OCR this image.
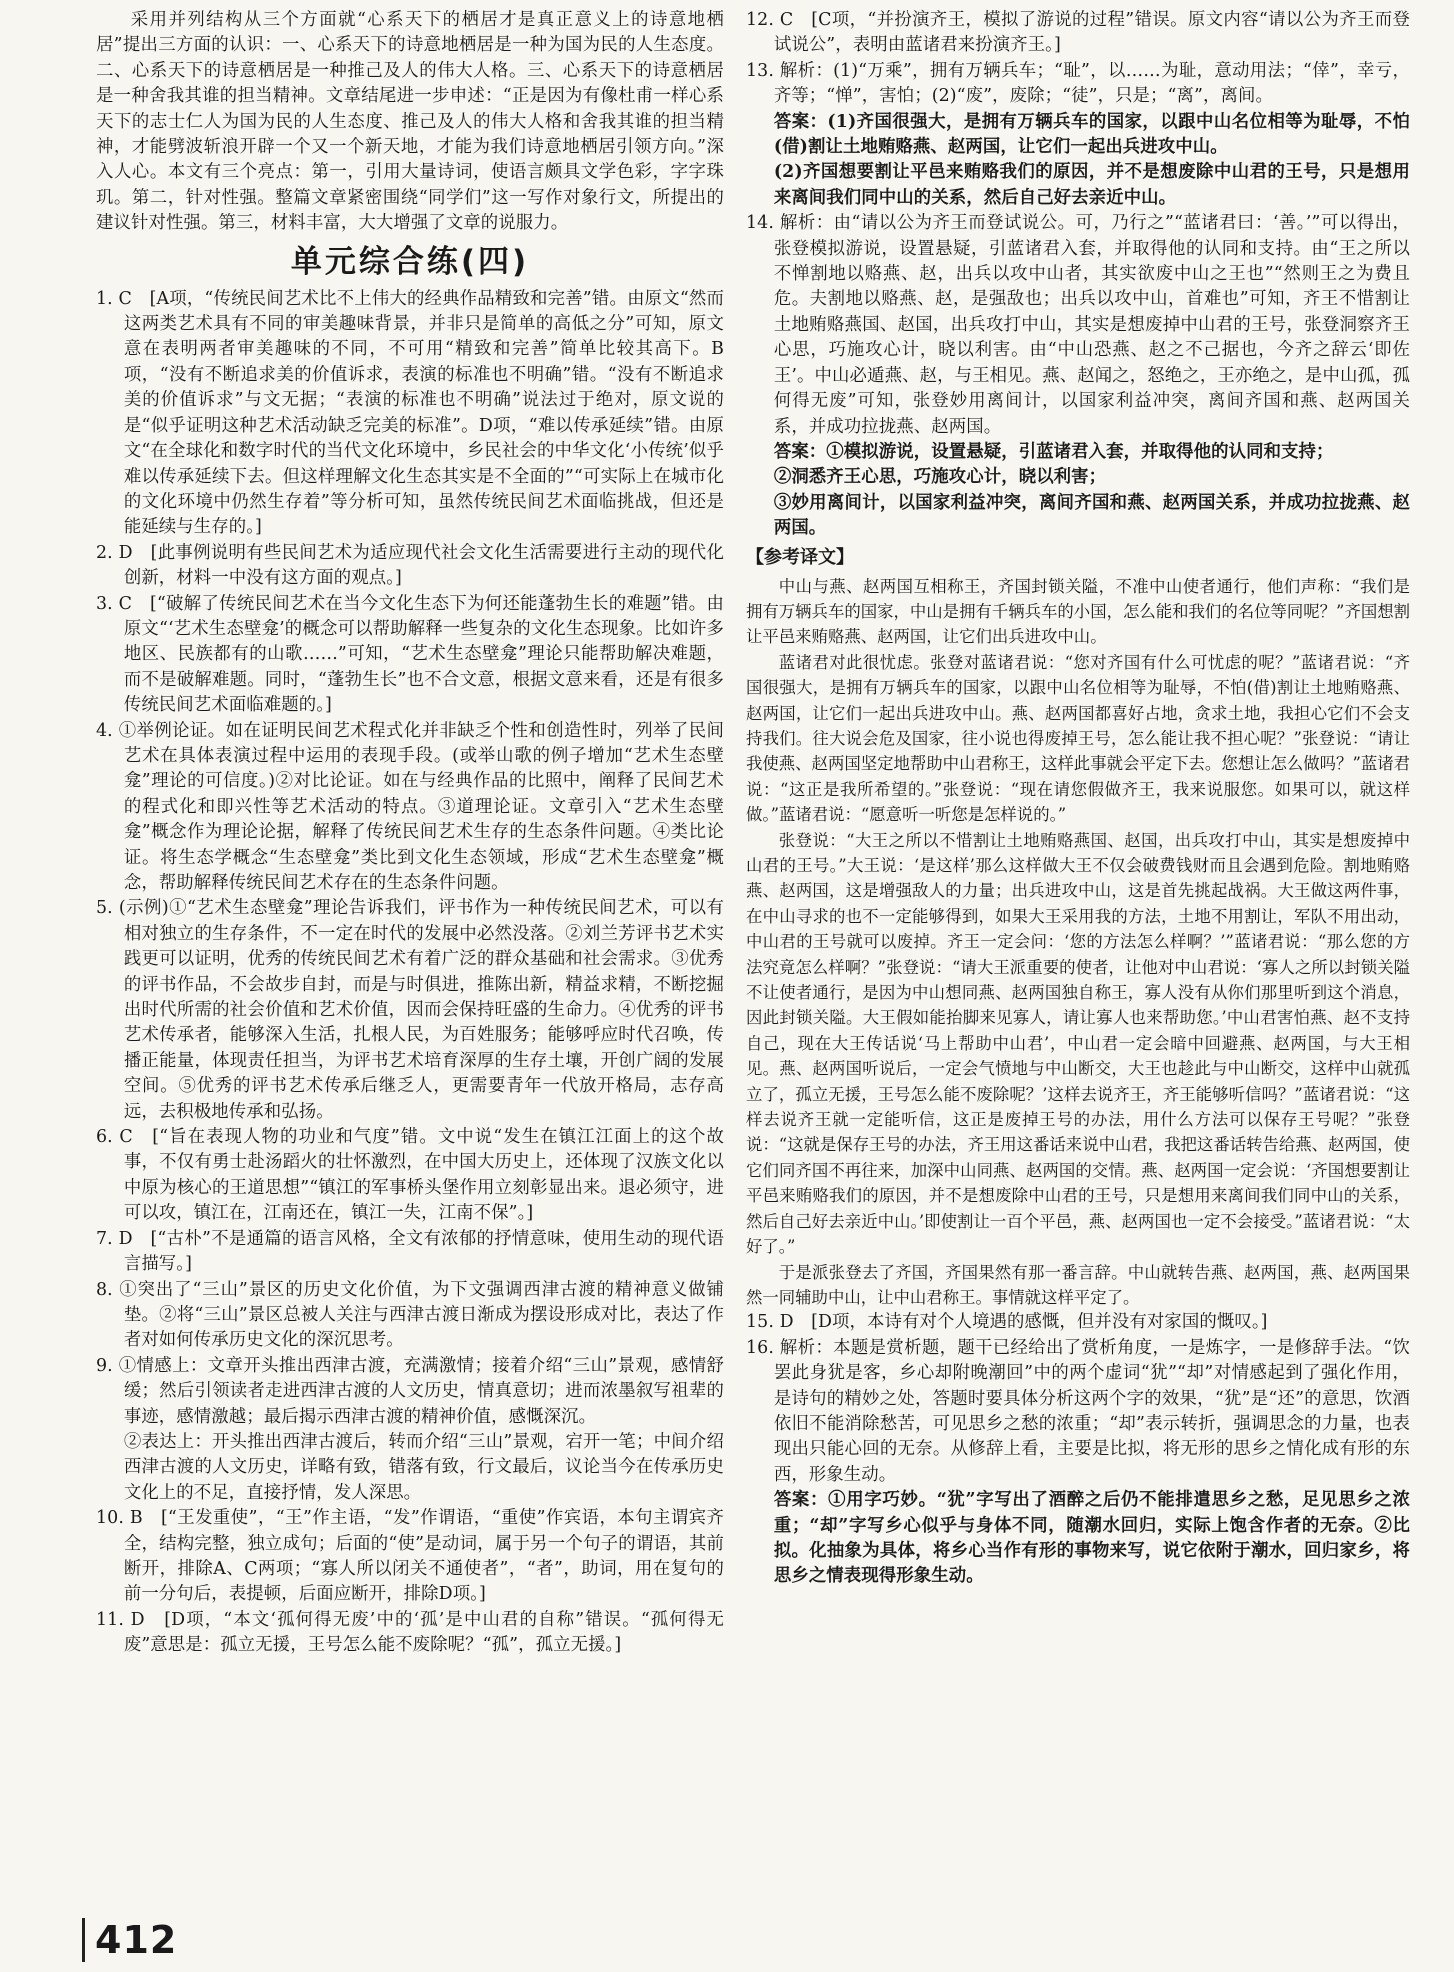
采用并列结构从三个方面就“心系天下的栖居才是真正意义上的诗意地栖居”提出三方面的认识：一、心系天下的诗意地栖居是一种为国为民的人生态度。二、心系天下的诗意栖居是一种推己及人的伟大人格。三、心系天下的诗意栖居是一种舍我其谁的担当精神。文章结尾进一步申述：“正是因为有像杜甫一样心系天下的志士仁人为国为民的人生态度、推己及人的伟大人格和舍我其谁的担当精神，才能劈波斩浪开辟一个又一个新天地，才能为我们诗意地栖居引领方向。”深入人心。本文有三个亮点：第一，引用大量诗词，使语言颇具文学色彩，字字珠玑。第二，针对性强。整篇文章紧密围绕“同学们”这一写作对象行文，所提出的建议针对性强。第三，材料丰富，大大增强了文章的说服力。

单元综合练(四)

1. C　[A项，“传统民间艺术比不上伟大的经典作品精致和完善”错。由原文“然而这两类艺术具有不同的审美趣味背景，并非只是简单的高低之分”可知，原文意在表明两者审美趣味的不同，不可用“精致和完善”简单比较其高下。B项，“没有不断追求美的价值诉求，表演的标准也不明确”错。“没有不断追求美的价值诉求”与文无据；“表演的标准也不明确”说法过于绝对，原文说的是“似乎证明这种艺术活动缺乏完美的标准”。D项，“难以传承延续”错。由原文“在全球化和数字时代的当代文化环境中，乡民社会的中华文化‘小传统’似乎难以传承延续下去。但这样理解文化生态其实是不全面的”“可实际上在城市化的文化环境中仍然生存着”等分析可知，虽然传统民间艺术面临挑战，但还是能延续与生存的。]

2. D　[此事例说明有些民间艺术为适应现代社会文化生活需要进行主动的现代化创新，材料一中没有这方面的观点。]

3. C　[“破解了传统民间艺术在当今文化生态下为何还能蓬勃生长的难题”错。由原文“‘艺术生态壁龛’的概念可以帮助解释一些复杂的文化生态现象。比如许多地区、民族都有的山歌……”可知，“艺术生态壁龛”理论只能帮助解决难题，而不是破解难题。同时，“蓬勃生长”也不合文意，根据文意来看，还是有很多传统民间艺术面临难题的。]

4. ①举例论证。如在证明民间艺术程式化并非缺乏个性和创造性时，列举了民间艺术在具体表演过程中运用的表现手段。(或举山歌的例子增加“艺术生态壁龛”理论的可信度。)②对比论证。如在与经典作品的比照中，阐释了民间艺术的程式化和即兴性等艺术活动的特点。③道理论证。文章引入“艺术生态壁龛”概念作为理论论据，解释了传统民间艺术生存的生态条件问题。④类比论证。将生态学概念“生态壁龛”类比到文化生态领域，形成“艺术生态壁龛”概念，帮助解释传统民间艺术存在的生态条件问题。

5. (示例)①“艺术生态壁龛”理论告诉我们，评书作为一种传统民间艺术，可以有相对独立的生存条件，不一定在时代的发展中必然没落。②刘兰芳评书艺术实践更可以证明，优秀的传统民间艺术有着广泛的群众基础和社会需求。③优秀的评书作品，不会故步自封，而是与时俱进，推陈出新，精益求精，不断挖掘出时代所需的社会价值和艺术价值，因而会保持旺盛的生命力。④优秀的评书艺术传承者，能够深入生活，扎根人民，为百姓服务；能够呼应时代召唤，传播正能量，体现责任担当，为评书艺术培育深厚的生存土壤，开创广阔的发展空间。⑤优秀的评书艺术传承后继乏人，更需要青年一代放开格局，志存高远，去积极地传承和弘扬。

6. C　[“旨在表现人物的功业和气度”错。文中说“发生在镇江江面上的这个故事，不仅有勇士赴汤蹈火的壮怀激烈，在中国大历史上，还体现了汉族文化以中原为核心的王道思想”“镇江的军事桥头堡作用立刻彰显出来。退必须守，进可以攻，镇江在，江南还在，镇江一失，江南不保”。]

7. D　[“古朴”不是通篇的语言风格，全文有浓郁的抒情意味，使用生动的现代语言描写。]

8. ①突出了“三山”景区的历史文化价值，为下文强调西津古渡的精神意义做铺垫。②将“三山”景区总被人关注与西津古渡日渐成为摆设形成对比，表达了作者对如何传承历史文化的深沉思考。

9. ①情感上：文章开头推出西津古渡，充满激情；接着介绍“三山”景观，感情舒缓；然后引领读者走进西津古渡的人文历史，情真意切；进而浓墨叙写祖辈的事迹，感情激越；最后揭示西津古渡的精神价值，感慨深沉。

②表达上：开头推出西津古渡后，转而介绍“三山”景观，宕开一笔；中间介绍西津古渡的人文历史，详略有致，错落有致，行文最后，议论当今在传承历史文化上的不足，直接抒情，发人深思。

10. B　[“王发重使”，“王”作主语，“发”作谓语，“重使”作宾语，本句主谓宾齐全，结构完整，独立成句；后面的“使”是动词，属于另一个句子的谓语，其前断开，排除A、C两项；“寡人所以闭关不通使者”，“者”，助词，用在复句的前一分句后，表提顿，后面应断开，排除D项。]

11. D　[D项，“本文‘孤何得无废’中的‘孤’是中山君的自称”错误。“孤何得无废”意思是：孤立无援，王号怎么能不废除呢？“孤”，孤立无援。]

12. C　[C项，“并扮演齐王，模拟了游说的过程”错误。原文内容“请以公为齐王而登试说公”，表明由蓝诸君来扮演齐王。]

13. 解析：(1)“万乘”，拥有万辆兵车；“耻”，以……为耻，意动用法；“倖”，幸亏，齐等；“惮”，害怕；(2)“废”，废除；“徒”，只是；“离”，离间。

答案：(1)齐国很强大，是拥有万辆兵车的国家，以跟中山名位相等为耻辱，不怕(借)割让土地贿赂燕、赵两国，让它们一起出兵进攻中山。

(2)齐国想要割让平邑来贿赂我们的原因，并不是想废除中山君的王号，只是想用来离间我们同中山的关系，然后自己好去亲近中山。

14. 解析：由“请以公为齐王而登试说公。可，乃行之”“蓝诸君曰：‘善。’”可以得出，张登模拟游说，设置悬疑，引蓝诸君入套，并取得他的认同和支持。由“王之所以不惮割地以赂燕、赵，出兵以攻中山者，其实欲废中山之王也”“然则王之为费且危。夫割地以赂燕、赵，是强敌也；出兵以攻中山，首难也”可知，齐王不惜割让土地贿赂燕国、赵国，出兵攻打中山，其实是想废掉中山君的王号，张登洞察齐王心思，巧施攻心计，晓以利害。由“中山恐燕、赵之不己据也，今齐之辞云‘即佐王’。中山必遁燕、赵，与王相见。燕、赵闻之，怒绝之，王亦绝之，是中山孤，孤何得无废”可知，张登妙用离间计，以国家利益冲突，离间齐国和燕、赵两国关系，并成功拉拢燕、赵两国。

答案：①模拟游说，设置悬疑，引蓝诸君入套，并取得他的认同和支持；

②洞悉齐王心思，巧施攻心计，晓以利害；

③妙用离间计，以国家利益冲突，离间齐国和燕、赵两国关系，并成功拉拢燕、赵两国。

【参考译文】

中山与燕、赵两国互相称王，齐国封锁关隘，不准中山使者通行，他们声称：“我们是拥有万辆兵车的国家，中山是拥有千辆兵车的小国，怎么能和我们的名位等同呢？”齐国想割让平邑来贿赂燕、赵两国，让它们出兵进攻中山。

蓝诸君对此很忧虑。张登对蓝诸君说：“您对齐国有什么可忧虑的呢？”蓝诸君说：“齐国很强大，是拥有万辆兵车的国家，以跟中山名位相等为耻辱，不怕(借)割让土地贿赂燕、赵两国，让它们一起出兵进攻中山。燕、赵两国都喜好占地，贪求土地，我担心它们不会支持我们。往大说会危及国家，往小说也得废掉王号，怎么能让我不担心呢？”张登说：“请让我使燕、赵两国坚定地帮助中山君称王，这样此事就会平定下去。您想让怎么做吗？”蓝诸君说：“这正是我所希望的。”张登说：“现在请您假做齐王，我来说服您。如果可以，就这样做。”蓝诸君说：“愿意听一听您是怎样说的。”

张登说：“大王之所以不惜割让土地贿赂燕国、赵国，出兵攻打中山，其实是想废掉中山君的王号。”大王说：‘是这样’那么这样做大王不仅会破费钱财而且会遇到危险。割地贿赂燕、赵两国，这是增强敌人的力量；出兵进攻中山，这是首先挑起战祸。大王做这两件事，在中山寻求的也不一定能够得到，如果大王采用我的方法，土地不用割让，军队不用出动，中山君的王号就可以废掉。齐王一定会问：‘您的方法怎么样啊？’”蓝诸君说：“那么您的方法究竟怎么样啊？”张登说：“请大王派重要的使者，让他对中山君说：‘寡人之所以封锁关隘不让使者通行，是因为中山想同燕、赵两国独自称王，寡人没有从你们那里听到这个消息，因此封锁关隘。大王假如能抬脚来见寡人，请让寡人也来帮助您。’中山君害怕燕、赵不支持自己，现在大王传话说‘马上帮助中山君’，中山君一定会暗中回避燕、赵两国，与大王相见。燕、赵两国听说后，一定会气愤地与中山断交，大王也趁此与中山断交，这样中山就孤立了，孤立无援，王号怎么能不废除呢？’这样去说齐王，齐王能够听信吗？”蓝诸君说：“这样去说齐王就一定能听信，这正是废掉王号的办法，用什么方法可以保存王号呢？”张登说：“这就是保存王号的办法，齐王用这番话来说中山君，我把这番话转告给燕、赵两国，使它们同齐国不再往来，加深中山同燕、赵两国的交情。燕、赵两国一定会说：‘齐国想要割让平邑来贿赂我们的原因，并不是想废除中山君的王号，只是想用来离间我们同中山的关系，然后自己好去亲近中山。’即使割让一百个平邑，燕、赵两国也一定不会接受。”蓝诸君说：“太好了。”

于是派张登去了齐国，齐国果然有那一番言辞。中山就转告燕、赵两国，燕、赵两国果然一同辅助中山，让中山君称王。事情就这样平定了。

15. D　[D项，本诗有对个人境遇的感慨，但并没有对家国的慨叹。]

16. 解析：本题是赏析题，题干已经给出了赏析角度，一是炼字，一是修辞手法。“饮罢此身犹是客，乡心却附晚潮回”中的两个虚词“犹”“却”对情感起到了强化作用，是诗句的精妙之处，答题时要具体分析这两个字的效果，“犹”是“还”的意思，饮酒依旧不能消除愁苦，可见思乡之愁的浓重；“却”表示转折，强调思念的力量，也表现出只能心回的无奈。从修辞上看，主要是比拟，将无形的思乡之情化成有形的东西，形象生动。

答案：①用字巧妙。“犹”字写出了酒醉之后仍不能排遣思乡之愁，足见思乡之浓重；“却”字写乡心似乎与身体不同，随潮水回归，实际上饱含作者的无奈。②比拟。化抽象为具体，将乡心当作有形的事物来写，说它依附于潮水，回归家乡，将思乡之情表现得形象生动。

412
